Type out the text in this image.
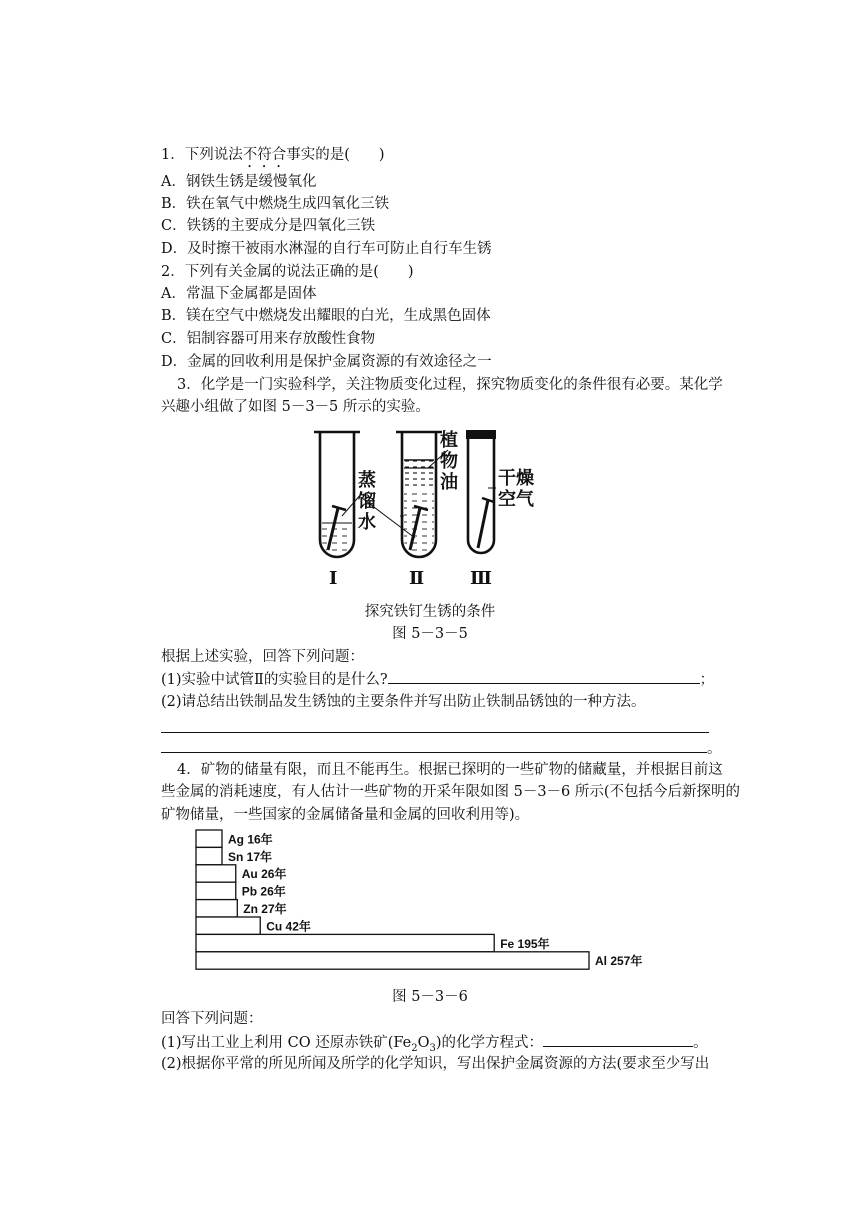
1．下列说法不符合事实的是(　　)
A．钢铁生锈是缓慢氧化
B．铁在氧气中燃烧生成四氧化三铁
C．铁锈的主要成分是四氧化三铁
D．及时擦干被雨水淋湿的自行车可防止自行车生锈
2．下列有关金属的说法正确的是(　　)
A．常温下金属都是固体
B．镁在空气中燃烧发出耀眼的白光，生成黑色固体
C．铝制容器可用来存放酸性食物
D．金属的回收利用是保护金属资源的有效途径之一
3．化学是一门实验科学，关注物质变化过程，探究物质变化的条件很有必要。某化学
兴趣小组做了如图 5－3－5 所示的实验。
蒸馏水
植物油 干燥空气
Ⅰ	Ⅱ	Ⅲ
探究铁钉生锈的条件
图 5－3－5
根据上述实验，回答下列问题：
(1)实验中试管Ⅱ的实验目的是什么?	；
(2)请总结出铁制品发生锈蚀的主要条件并写出防止铁制品锈蚀的一种方法。
。
4．矿物的储量有限，而且不能再生。根据已探明的一些矿物的储藏量，并根据目前这
些金属的消耗速度，有人估计一些矿物的开采年限如图 5－3－6 所示(不包括今后新探明的
矿物储量，一些国家的金属储备量和金属的回收利用等)。
Ag 16年
Sn 17年
Au 26年
Pb 26年
Zn 27年
Cu 42年
Fe 195年
Al 257年
图 5－3－6
回答下列问题：
(1)写出工业上利用 CO 还原赤铁矿$(Fe_2O_3)$的化学方程式：	。
(2)根据你平常的所见所闻及所学的化学知识，写出保护金属资源的方法(要求至少写出
